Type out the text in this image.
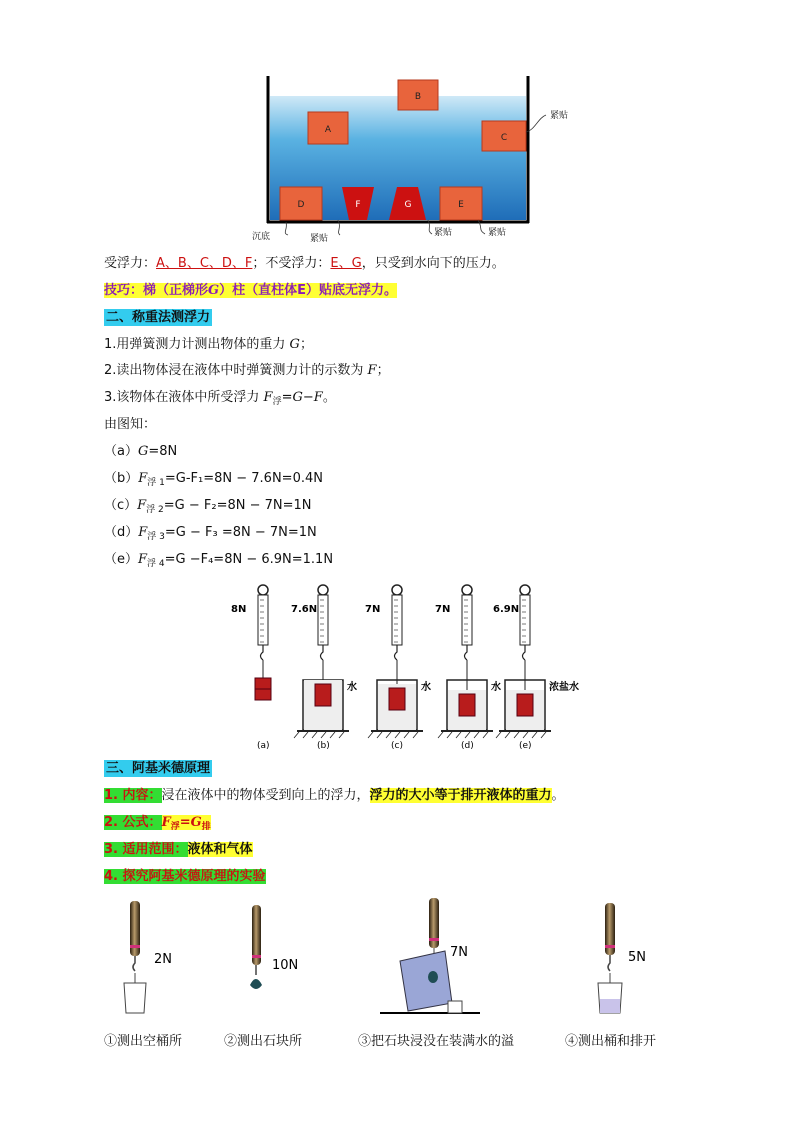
A
B
C
D	F	G	E
紧贴
沉底	紧贴
紧贴	紧贴
受浮力：A、B、C、D、F；不受浮力：E、G，只受到水向下的压力。
技巧：梯（正梯形G）柱（直柱体E）贴底无浮力。
二、称重法测浮力
1.用弹簧测力计测出物体的重力 G；
2.读出物体浸在液体中时弹簧测力计的示数为 F；
3.该物体在液体中所受浮力 $F_浮=G-F$。
由图知：
（a）G=8N
$(b)F_{浮 1}=G-F_1=8N - 7.6N=0.4N$
$(c)F_{浮 2}=G - F_2=8N - 7N=1N$
$(d)F_{浮 3}=G - F_3 =8N - 7N=1N$
$(e)F_{浮 4}=G -F_4=8N - 6.9N=1.1N$
8N
(a)
7.6N
水
(b)
7N
水
(c)
7N
水
(d)
6.9N
浓盐水
(e)
三、阿基米德原理
1. 内容：浸在液体中的物体受到向上的浮力，浮力的大小等于排开液体的重力。
2. 公式：$F_浮=G_排$
3. 适用范围：液体和气体
4. 探究阿基米德原理的实验
2N	10N
7N	5N
①测出空桶所	②测出石块所	③把石块浸没在装满水的溢	④测出桶和排开
